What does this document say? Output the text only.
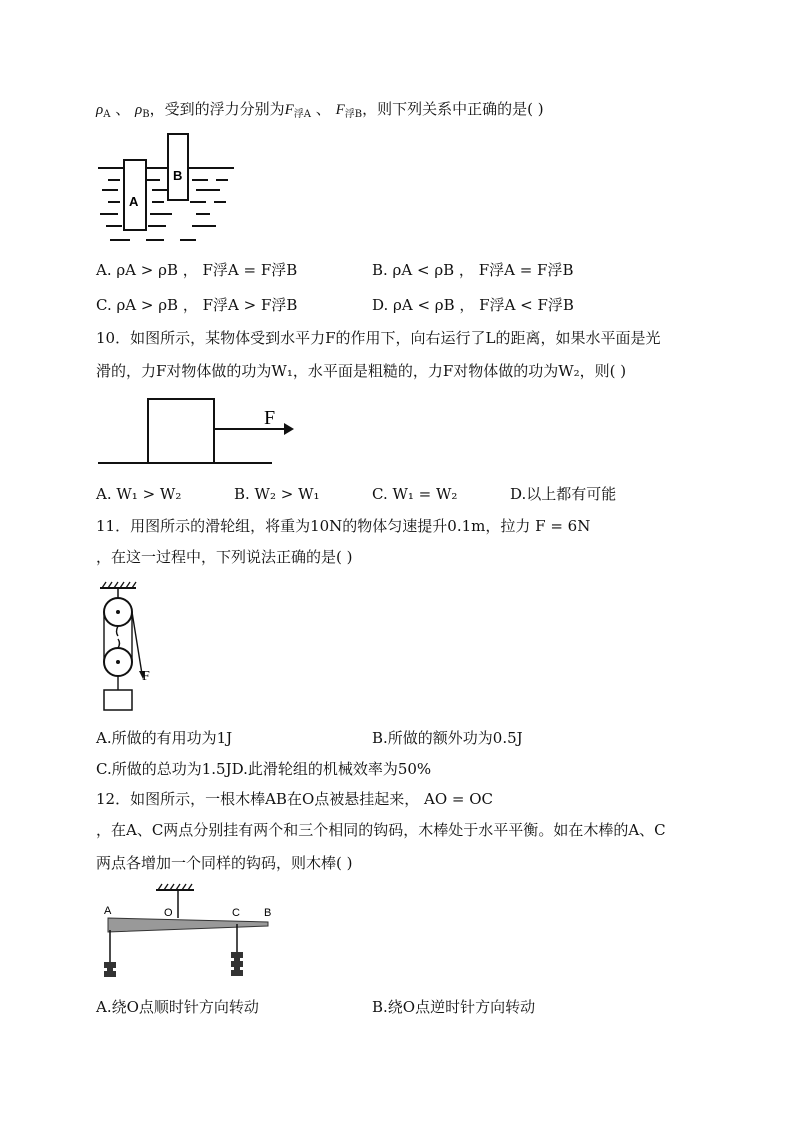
$\rho_A$ 、 $\rho_B$，受到的浮力分别为$F_{浮A}$ 、 $F_{浮B}$，则下列关系中正确的是( )
A
B
A. ρA > ρB ， F浮A = F浮B	B. ρA < ρB ， F浮A = F浮B
C. ρA > ρB ， F浮A > F浮B	D. ρA < ρB ， F浮A < F浮B
10．如图所示，某物体受到水平力F的作用下，向右运行了L的距离，如果水平面是光
滑的，力F对物体做的功为W₁，水平面是粗糙的，力F对物体做的功为W₂，则( )
F
A. W₁ > W₂	B. W₂ > W₁	C. W₁ = W₂	D.以上都有可能
11．用图所示的滑轮组，将重为10N的物体匀速提升0.1m，拉力 F = 6N
，在这一过程中，下列说法正确的是( )
F
A.所做的有用功为1J	B.所做的额外功为0.5J
C.所做的总功为1.5JD.此滑轮组的机械效率为50%
12．如图所示，一根木棒AB在O点被悬挂起来， AO = OC
，在A、C两点分别挂有两个和三个相同的钩码，木棒处于水平平衡。如在木棒的A、C
两点各增加一个同样的钩码，则木棒( )
A	O	C B
A.绕O点顺时针方向转动	B.绕O点逆时针方向转动
